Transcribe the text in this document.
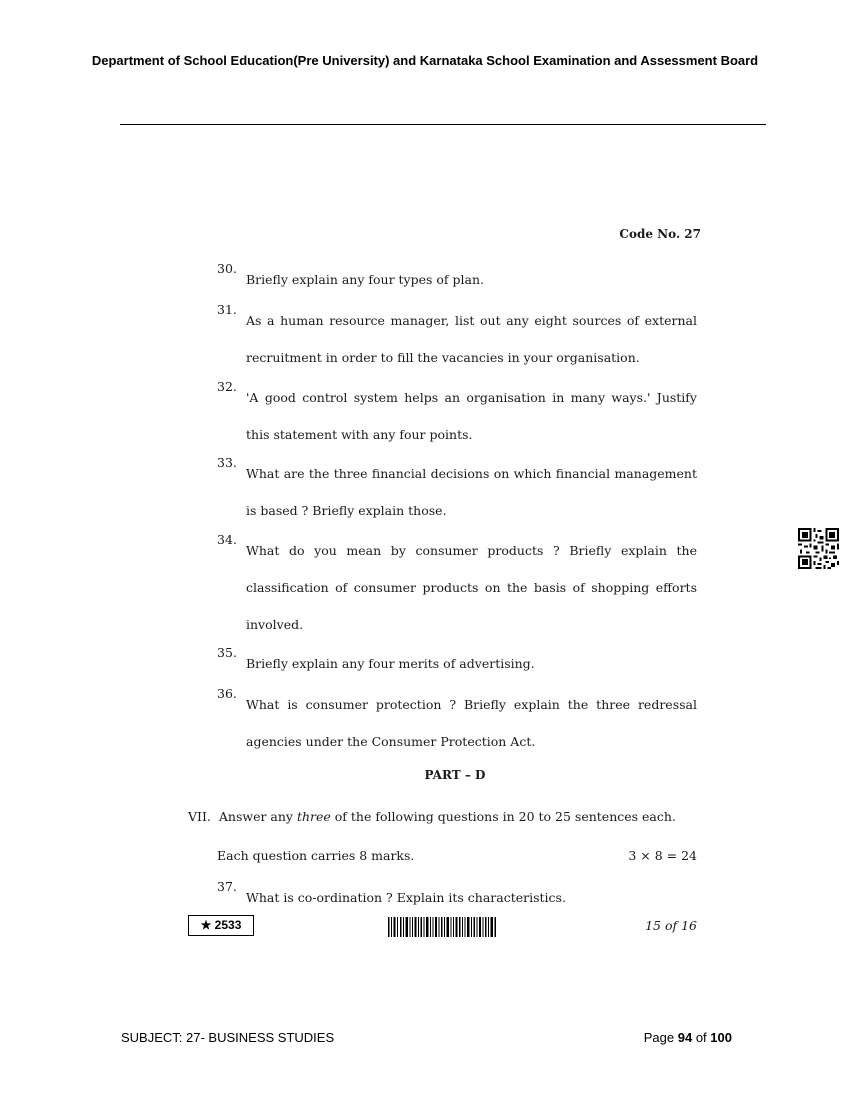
Department of School Education(Pre University) and Karnataka School Examination and Assessment Board
Code No. 27
30.
Briefly explain any four types of plan.
31.
As a human resource manager, list out any eight sources of external recruitment in order to fill the vacancies in your organisation.
32.
'A good control system helps an organisation in many ways.' Justify this statement with any four points.
33.
What are the three financial decisions on which financial management is based ? Briefly explain those.
34.
What do you mean by consumer products ? Briefly explain the classification of consumer products on the basis of shopping efforts involved.
35.
Briefly explain any four merits of advertising.
36.
What is consumer protection ? Briefly explain the three redressal agencies under the Consumer Protection Act.
PART – D
VII. Answer any three of the following questions in 20 to 25 sentences each.
Each question carries 8 marks.	3 × 8 = 24
37.
What is co-ordination ? Explain its characteristics.
★ 2533	15 of 16
SUBJECT: 27- BUSINESS STUDIES	Page 94 of 100
